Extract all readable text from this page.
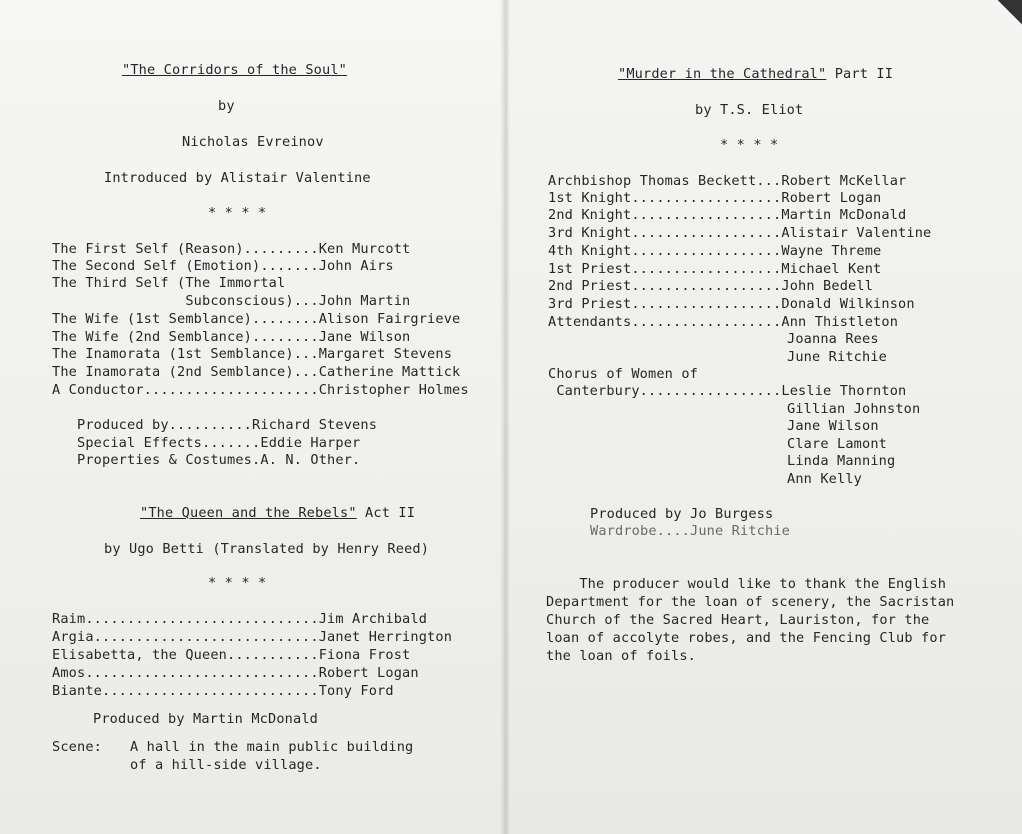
"The Corridors of the Soul"
by
Nicholas Evreinov
Introduced by Alistair Valentine
* * * *
The First Self (Reason).........Ken Murcott
The Second Self (Emotion).......John Airs
The Third Self (The Immortal
Subconscious)...John Martin
The Wife (1st Semblance)........Alison Fairgrieve
The Wife (2nd Semblance)........Jane Wilson
The Inamorata (1st Semblance)...Margaret Stevens
The Inamorata (2nd Semblance)...Catherine Mattick
A Conductor.....................Christopher Holmes
Produced by..........Richard Stevens
Special Effects.......Eddie Harper
Properties & Costumes.A. N. Other.
"The Queen and the Rebels" Act II
by Ugo Betti (Translated by Henry Reed)
* * * *
Raim............................Jim Archibald
Argia...........................Janet Herrington
Elisabetta, the Queen...........Fiona Frost
Amos............................Robert Logan
Biante..........................Tony Ford
Produced by Martin McDonald
Scene: A hall in the main public building
of a hill-side village.
"Murder in the Cathedral" Part II
by T.S. Eliot
* * * *
Archbishop Thomas Beckett...Robert McKellar
1st Knight..................Robert Logan
2nd Knight..................Martin McDonald
3rd Knight..................Alistair Valentine
4th Knight..................Wayne Threme
1st Priest..................Michael Kent
2nd Priest..................John Bedell
3rd Priest..................Donald Wilkinson
Attendants..................Ann Thistleton
Joanna Rees
June Ritchie
Chorus of Women of
Canterbury.................Leslie Thornton
Gillian Johnston
Jane Wilson
Clare Lamont
Linda Manning
Ann Kelly
Produced by Jo Burgess
Wardrobe....June Ritchie
The producer would like to thank the English
Department for the loan of scenery, the Sacristan
Church of the Sacred Heart, Lauriston, for the
loan of accolyte robes, and the Fencing Club for
the loan of foils.
